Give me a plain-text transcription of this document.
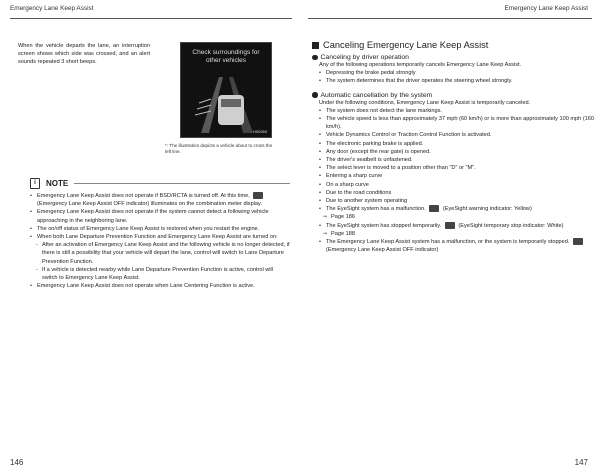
Emergency Lane Keep Assist	Emergency Lane Keep Assist
When the vehicle departs the lane, an interruption screen shows which side was crossed, and an alert sounds repeated 3 short beeps.
Check surroundings for other vehicles
H00269
*: The illustration depicts a vehicle about to cross the left line.
i	NOTE
• Emergency Lane Keep Assist does not operate if BSD/RCTA is turned off. At this time,  (Emergency Lane Keep Assist OFF indicator) illuminates on the combination meter display.
• Emergency Lane Keep Assist does not operate if the system cannot detect a following vehicle approaching in the neighboring lane.
• The on/off status of Emergency Lane Keep Assist is restored when you restart the engine.
• When both Lane Departure Prevention Function and Emergency Lane Keep Assist are turned on:
- After an activation of Emergency Lane Keep Assist and the following vehicle is no longer detected, if there is still a possibility that your vehicle will depart the lane, control will switch to Lane Departure Prevention Function.
- If a vehicle is detected nearby while Lane Departure Prevention Function is active, control will switch to Emergency Lane Keep Assist.
• Emergency Lane Keep Assist does not operate when Lane Centering Function is active.
Canceling Emergency Lane Keep Assist
Canceling by driver operation
Any of the following operations temporarily cancels Emergency Lane Keep Assist.
• Depressing the brake pedal strongly
• The system determines that the driver operates the steering wheel strongly.
Automatic cancellation by the system
Under the following conditions, Emergency Lane Keep Assist is temporarily canceled.
• The system does not detect the lane markings.
• The vehicle speed is less than approximately 37 mph (60 km/h) or is more than approximately 100 mph (160 km/h).
• Vehicle Dynamics Control or Traction Control Function is activated.
• The electronic parking brake is applied.
• Any door (except the rear gate) is opened.
• The driver's seatbelt is unfastened.
• The select lever is moved to a position other than "D" or "M".
• Entering a sharp curve
• On a sharp curve
• Due to the road conditions
• Due to another system operating
• The EyeSight system has a malfunction.	(EyeSight warning indicator: Yellow)
⇒ Page 186
• The EyeSight system has stopped temporarily.	(EyeSight temporary stop indicator: White)
⇒ Page 188
• The Emergency Lane Keep Assist system has a malfunction, or the system is temporarily stopped.  (Emergency Lane Keep Assist OFF indicator)
146	147
